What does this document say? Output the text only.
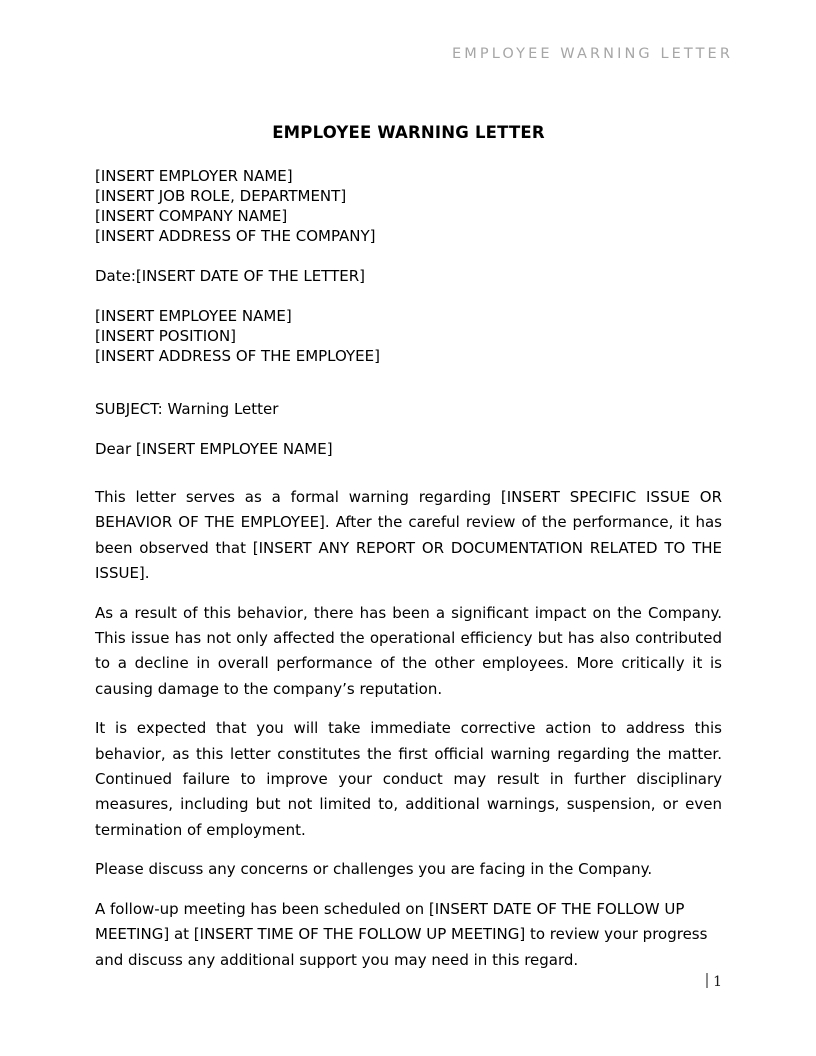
EMPLOYEE WARNING LETTER
EMPLOYEE WARNING LETTER
[INSERT EMPLOYER NAME]
[INSERT JOB ROLE, DEPARTMENT]
[INSERT COMPANY NAME]
[INSERT ADDRESS OF THE COMPANY]
Date:[INSERT DATE OF THE LETTER]
[INSERT EMPLOYEE NAME]
[INSERT POSITION]
[INSERT ADDRESS OF THE EMPLOYEE]
SUBJECT: Warning Letter
Dear [INSERT EMPLOYEE NAME]

This letter serves as a formal warning regarding [INSERT SPECIFIC ISSUE OR BEHAVIOR OF THE EMPLOYEE]. After the careful review of the performance, it has been observed that [INSERT ANY REPORT OR DOCUMENTATION RELATED TO THE ISSUE].

As a result of this behavior, there has been a significant impact on the Company. This issue has not only affected the operational efficiency but has also contributed to a decline in overall performance of the other employees. More critically it is causing damage to the company’s reputation.

It is expected that you will take immediate corrective action to address this behavior, as this letter constitutes the first official warning regarding the matter. Continued failure to improve your conduct may result in further disciplinary measures, including but not limited to, additional warnings, suspension, or even termination of employment.

Please discuss any concerns or challenges you are facing in the Company.

A follow-up meeting has been scheduled on [INSERT DATE OF THE FOLLOW UP MEETING] at [INSERT TIME OF THE FOLLOW UP MEETING] to review your progress and discuss any additional support you may need in this regard.

1
